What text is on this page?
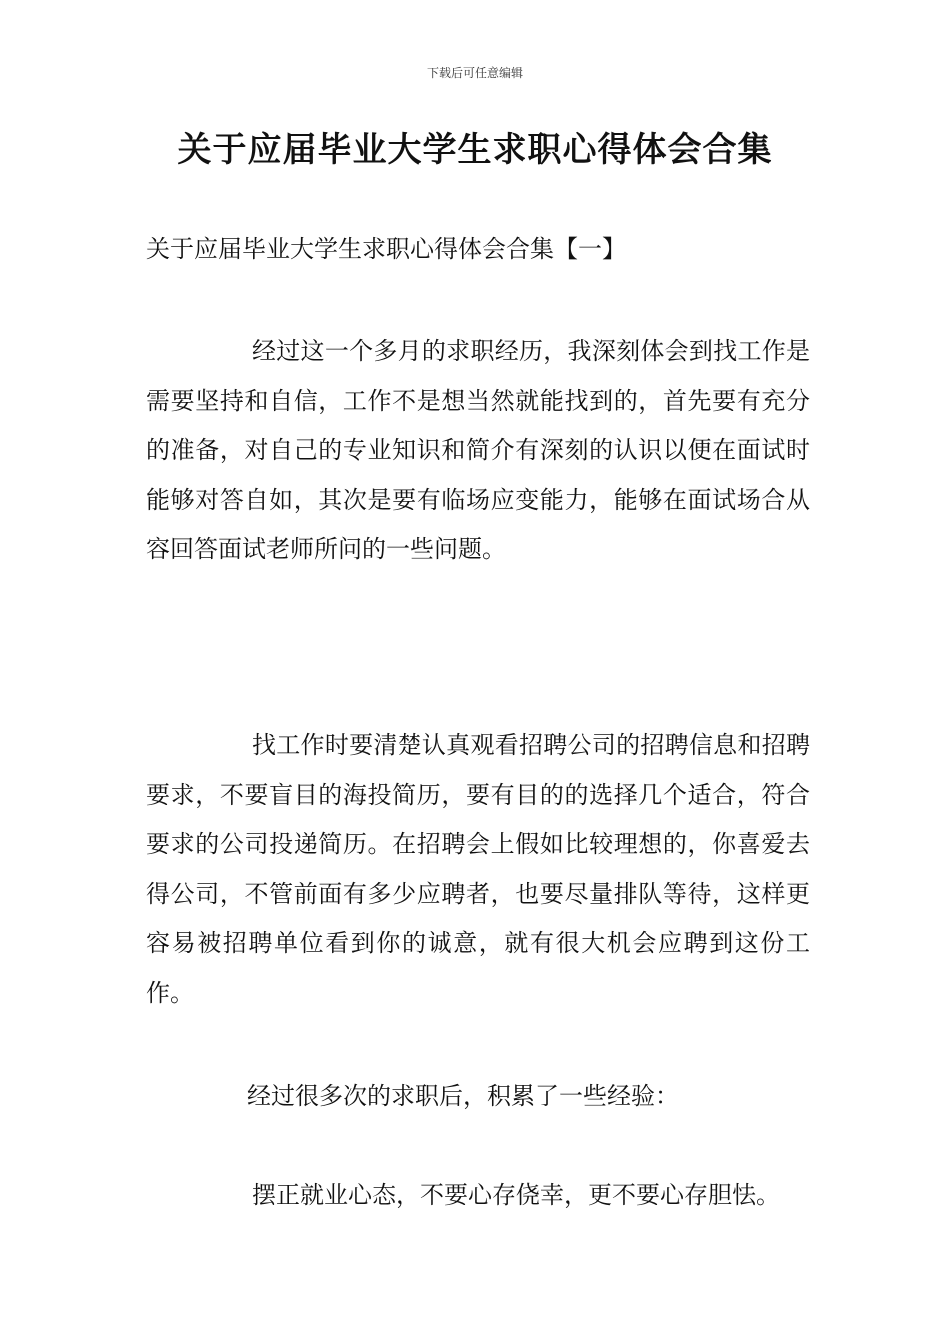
下载后可任意编辑
关于应届毕业大学生求职心得体会合集
关于应届毕业大学生求职心得体会合集【一】

经过这一个多月的求职经历，我深刻体会到找工作是需要坚持和自信，工作不是想当然就能找到的，首先要有充分的准备，对自己的专业知识和简介有深刻的认识以便在面试时能够对答自如，其次是要有临场应变能力，能够在面试场合从容回答面试老师所问的一些问题。

找工作时要清楚认真观看招聘公司的招聘信息和招聘要求，不要盲目的海投简历，要有目的的选择几个适合，符合要求的公司投递简历。在招聘会上假如比较理想的，你喜爱去得公司，不管前面有多少应聘者，也要尽量排队等待，这样更容易被招聘单位看到你的诚意，就有很大机会应聘到这份工作。

经过很多次的求职后，积累了一些经验：

摆正就业心态，不要心存侥幸，更不要心存胆怯。
